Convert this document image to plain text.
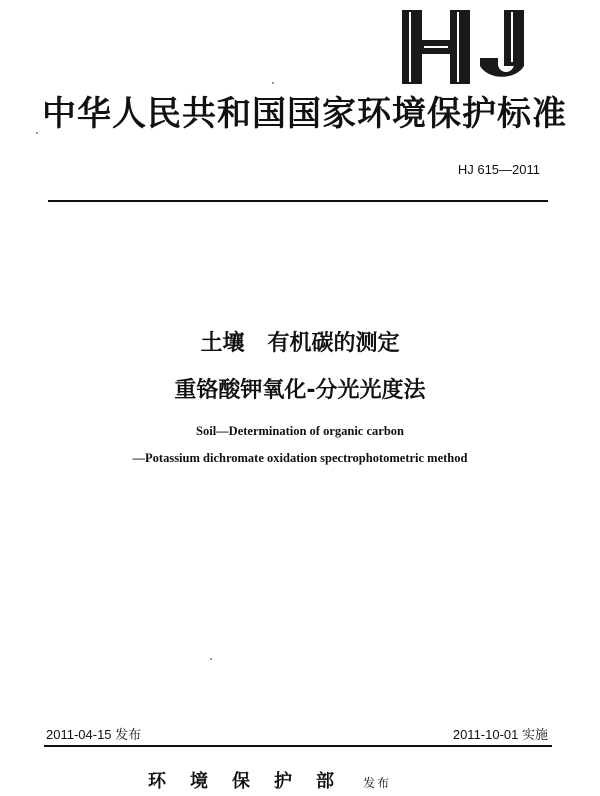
中华人民共和国国家环境保护标准
HJ 615—2011
土壤   有机碳的测定
重铬酸钾氧化-分光光度法
Soil—Determination of organic carbon
—Potassium dichromate oxidation spectrophotometric method
2011-04-15 发布	2011-10-01 实施
环境保护部 发布
